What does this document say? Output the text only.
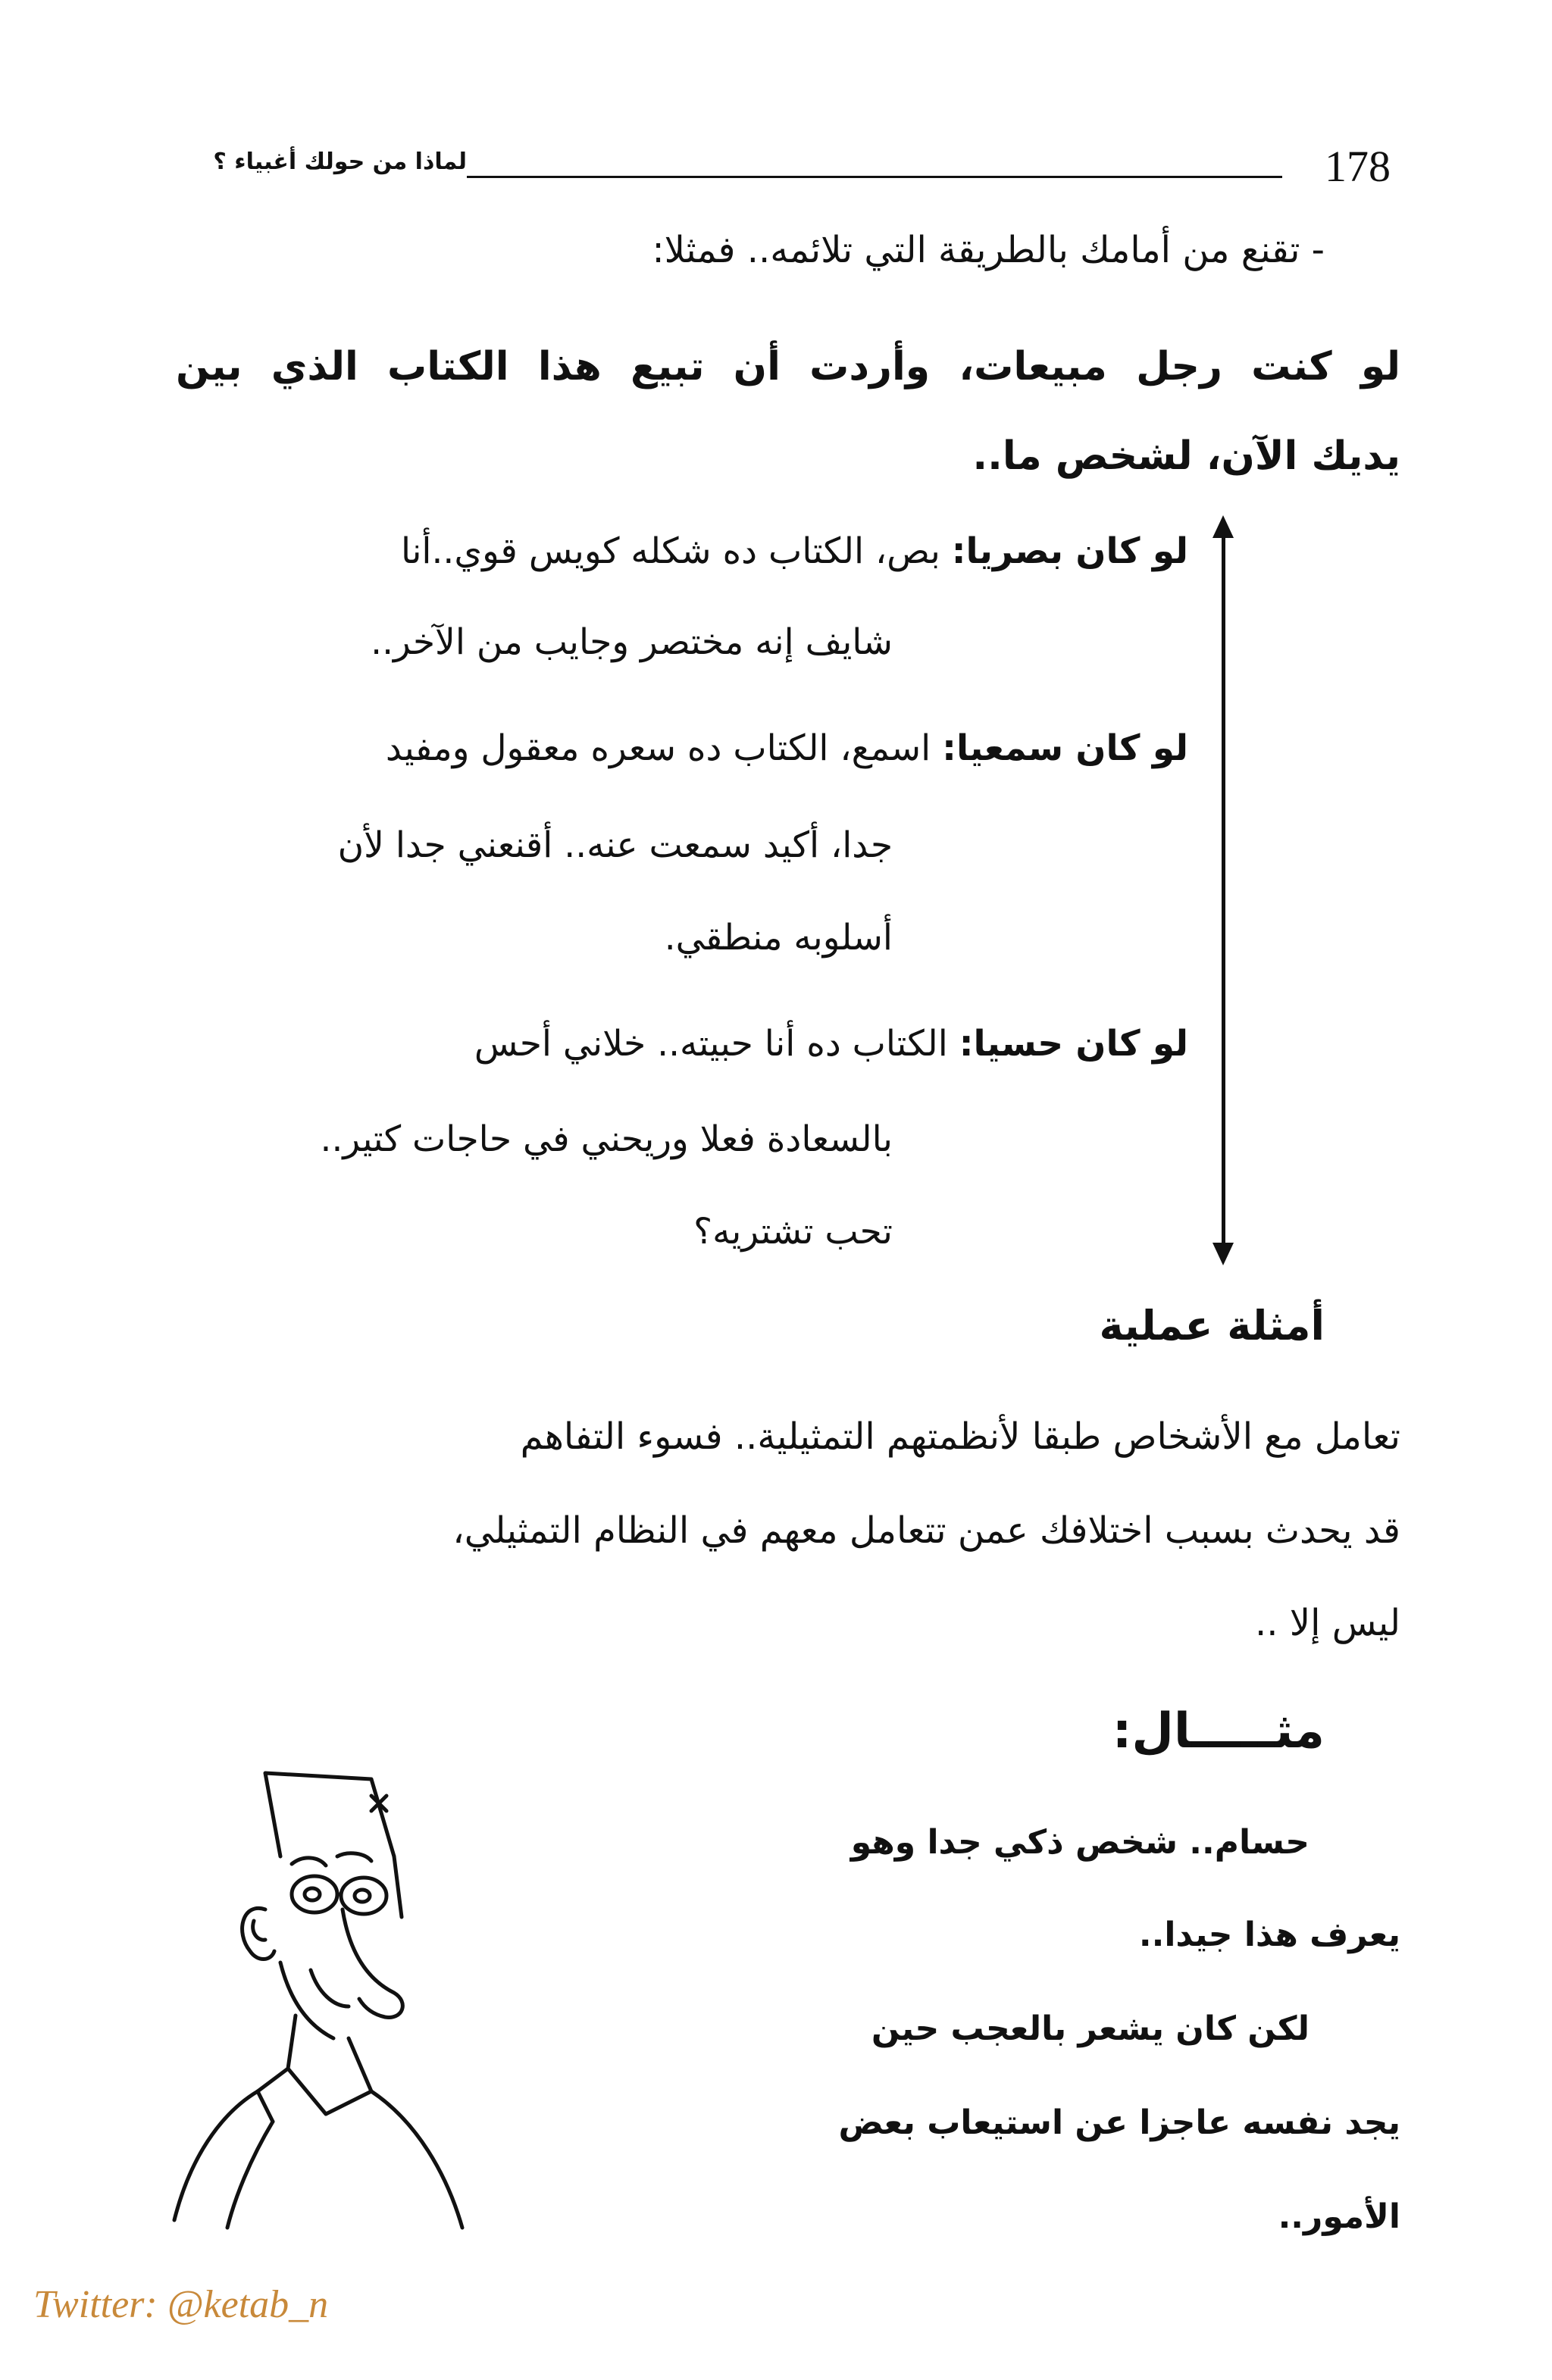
لماذا من حولك أغبياء ؟	178
- تقنع من أمامك بالطريقة التي تلائمه.. فمثلا:
لو كنت رجل مبيعات، وأردت أن تبيع هذا الكتاب الذي بين
يديك الآن، لشخص ما..
لو كان بصريا: بص، الكتاب ده شكله كويس قوي..أنا
شايف إنه مختصر وجايب من الآخر..
لو كان سمعيا: اسمع، الكتاب ده سعره معقول ومفيد
جدا، أكيد سمعت عنه.. أقنعني جدا لأن
أسلوبه منطقي.
لو كان حسيا: الكتاب ده أنا حبيته.. خلاني أحس
بالسعادة فعلا وريحني في حاجات كتير..
تحب تشتريه؟
أمثلة عملية
تعامل مع الأشخاص طبقا لأنظمتهم التمثيلية.. فسوء التفاهم
قد يحدث بسبب اختلافك عمن تتعامل معهم في النظام التمثيلي،
ليس إلا ..
مثـــــال:
حسام.. شخص ذكي جدا وهو
يعرف هذا جيدا..
لكن كان يشعر بالعجب حين
يجد نفسه عاجزا عن استيعاب بعض
الأمور..
Twitter: @ketab_n
